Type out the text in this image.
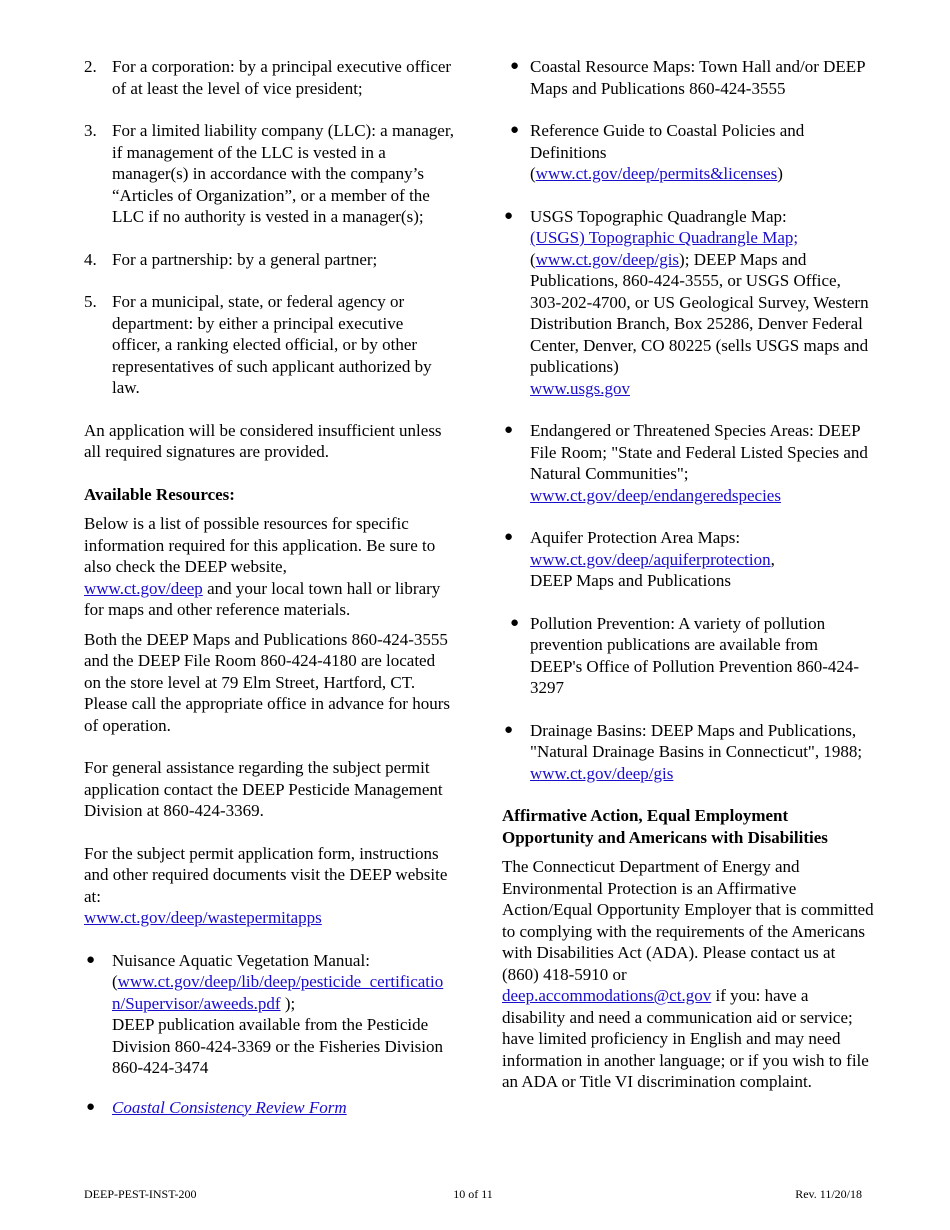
2. For a corporation: by a principal executive officer of at least the level of vice president;
3. For a limited liability company (LLC): a manager, if management of the LLC is vested in a manager(s) in accordance with the company’s “Articles of Organization”, or a member of the LLC if no authority is vested in a manager(s);
4. For a partnership: by a general partner;
5. For a municipal, state, or federal agency or department: by either a principal executive officer, a ranking elected official, or by other representatives of such applicant authorized by law.

An application will be considered insufficient unless all required signatures are provided.

Available Resources:

Below is a list of possible resources for specific information required for this application. Be sure to also check the DEEP website,
www.ct.gov/deep and your local town hall or library for maps and other reference materials.

Both the DEEP Maps and Publications 860-424-3555 and the DEEP File Room 860-424-4180 are located on the store level at 79 Elm Street, Hartford, CT. Please call the appropriate office in advance for hours of operation.

For general assistance regarding the subject permit application contact the DEEP Pesticide Management Division at 860-424-3369.

For the subject permit application form, instructions and other required documents visit the DEEP website at:
www.ct.gov/deep/wastepermitapps

● Nuisance Aquatic Vegetation Manual:
(www.ct.gov/deep/lib/deep/pesticide_certification/Supervisor/aweeds.pdf );
DEEP publication available from the Pesticide Division 860-424-3369 or the Fisheries Division 860-424-3474
● Coastal Consistency Review Form
● Coastal Resource Maps: Town Hall and/or DEEP Maps and Publications 860-424-3555
● Reference Guide to Coastal Policies and Definitions
(www.ct.gov/deep/permits&licenses)
● USGS Topographic Quadrangle Map:
(USGS) Topographic Quadrangle Map;
(www.ct.gov/deep/gis); DEEP Maps and Publications, 860-424-3555, or USGS Office, 303-202-4700, or US Geological Survey, Western Distribution Branch, Box 25286, Denver Federal Center, Denver, CO 80225 (sells USGS maps and publications)
www.usgs.gov
● Endangered or Threatened Species Areas: DEEP File Room; "State and Federal Listed Species and Natural Communities";
www.ct.gov/deep/endangeredspecies
● Aquifer Protection Area Maps:
www.ct.gov/deep/aquiferprotection,
DEEP Maps and Publications
● Pollution Prevention: A variety of pollution prevention publications are available from DEEP's Office of Pollution Prevention 860-424-3297
● Drainage Basins: DEEP Maps and Publications, "Natural Drainage Basins in Connecticut", 1988; www.ct.gov/deep/gis
Affirmative Action, Equal Employment Opportunity and Americans with Disabilities

The Connecticut Department of Energy and Environmental Protection is an Affirmative Action/Equal Opportunity Employer that is committed to complying with the requirements of the Americans with Disabilities Act (ADA). Please contact us at (860) 418-5910 or
deep.accommodations@ct.gov if you: have a disability and need a communication aid or service; have limited proficiency in English and may need information in another language; or if you wish to file an ADA or Title VI discrimination complaint.

DEEP-PEST-INST-200	10 of 11	Rev. 11/20/18
